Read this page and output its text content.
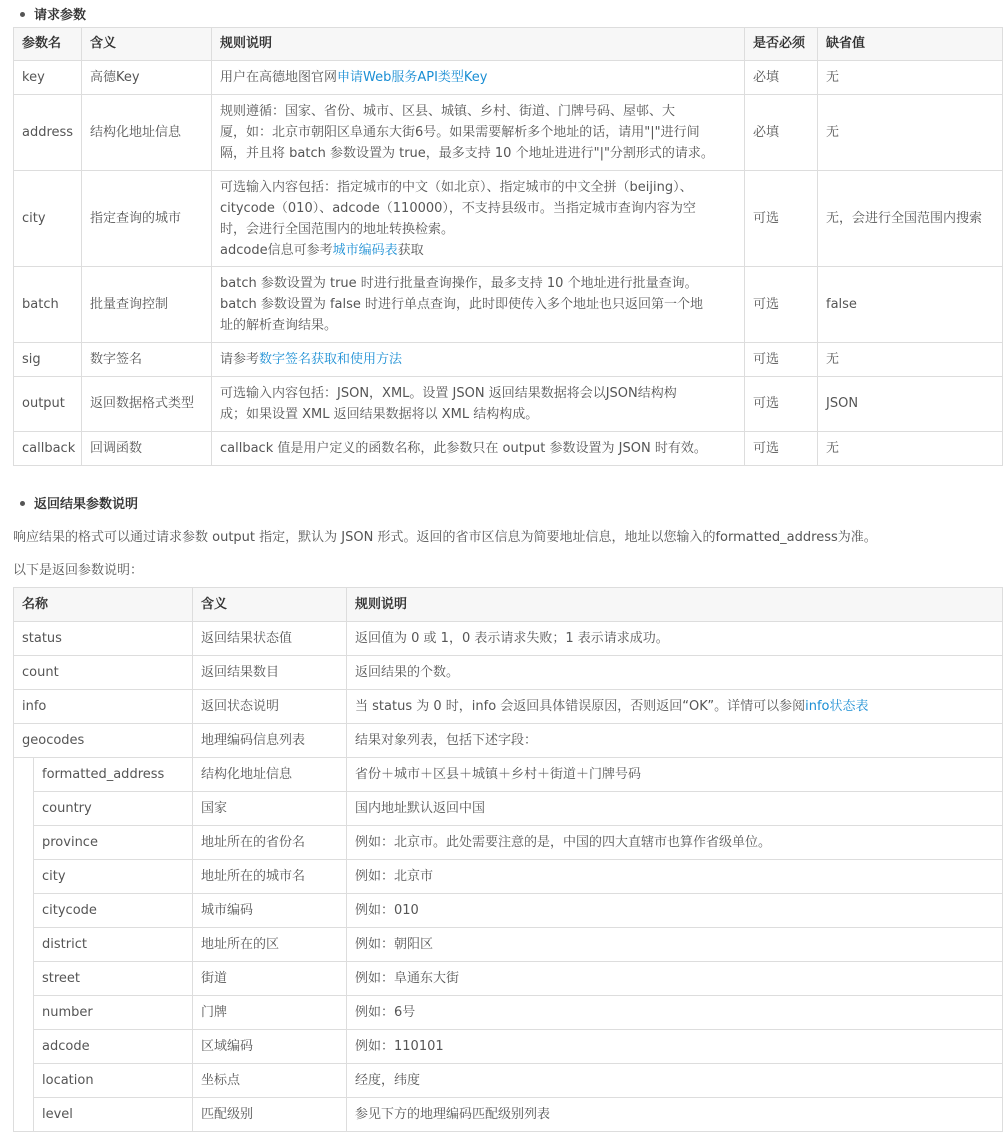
请求参数
参数名	含义	规则说明	是否必须	缺省值
key	高德Key	用户在高德地图官网申请Web服务API类型Key	必填	无
address	结构化地址信息	规则遵循：国家、省份、城市、区县、城镇、乡村、街道、门牌号码、屋邨、大
厦，如：北京市朝阳区阜通东大街6号。如果需要解析多个地址的话，请用"|"进行间
隔，并且将 batch 参数设置为 true，最多支持 10 个地址进进行"|"分割形式的请求。	必填	无
city	指定查询的城市	可选输入内容包括：指定城市的中文（如北京）、指定城市的中文全拼（beijing）、
citycode（010）、adcode（110000），不支持县级市。当指定城市查询内容为空
时，会进行全国范围内的地址转换检索。
adcode信息可参考城市编码表获取	可选	无，会进行全国范围内搜索
batch	批量查询控制	batch 参数设置为 true 时进行批量查询操作，最多支持 10 个地址进行批量查询。
batch 参数设置为 false 时进行单点查询，此时即使传入多个地址也只返回第一个地
址的解析查询结果。	可选	false
sig	数字签名	请参考数字签名获取和使用方法	可选	无
output	返回数据格式类型	可选输入内容包括：JSON，XML。设置 JSON 返回结果数据将会以JSON结构构
成；如果设置 XML 返回结果数据将以 XML 结构构成。	可选	JSON
callback	回调函数	callback 值是用户定义的函数名称，此参数只在 output 参数设置为 JSON 时有效。	可选	无
返回结果参数说明
响应结果的格式可以通过请求参数 output 指定，默认为 JSON 形式。返回的省市区信息为简要地址信息，地址以您输入的formatted_address为准。
以下是返回参数说明：
名称		含义	规则说明
status		返回结果状态值	返回值为 0 或 1，0 表示请求失败；1 表示请求成功。
count		返回结果数目	返回结果的个数。
info		返回状态说明	当 status 为 0 时，info 会返回具体错误原因，否则返回“OK”。详情可以参阅info状态表
geocodes		地理编码信息列表	结果对象列表，包括下述字段：
	formatted_address	结构化地址信息	省份＋城市＋区县＋城镇＋乡村＋街道＋门牌号码
	country	国家	国内地址默认返回中国
	province	地址所在的省份名	例如：北京市。此处需要注意的是，中国的四大直辖市也算作省级单位。
	city	地址所在的城市名	例如：北京市
	citycode	城市编码	例如：010
	district	地址所在的区	例如：朝阳区
	street	街道	例如：阜通东大街
	number	门牌	例如：6号
	adcode	区域编码	例如：110101
	location	坐标点	经度，纬度
	level	匹配级别	参见下方的地理编码匹配级别列表
